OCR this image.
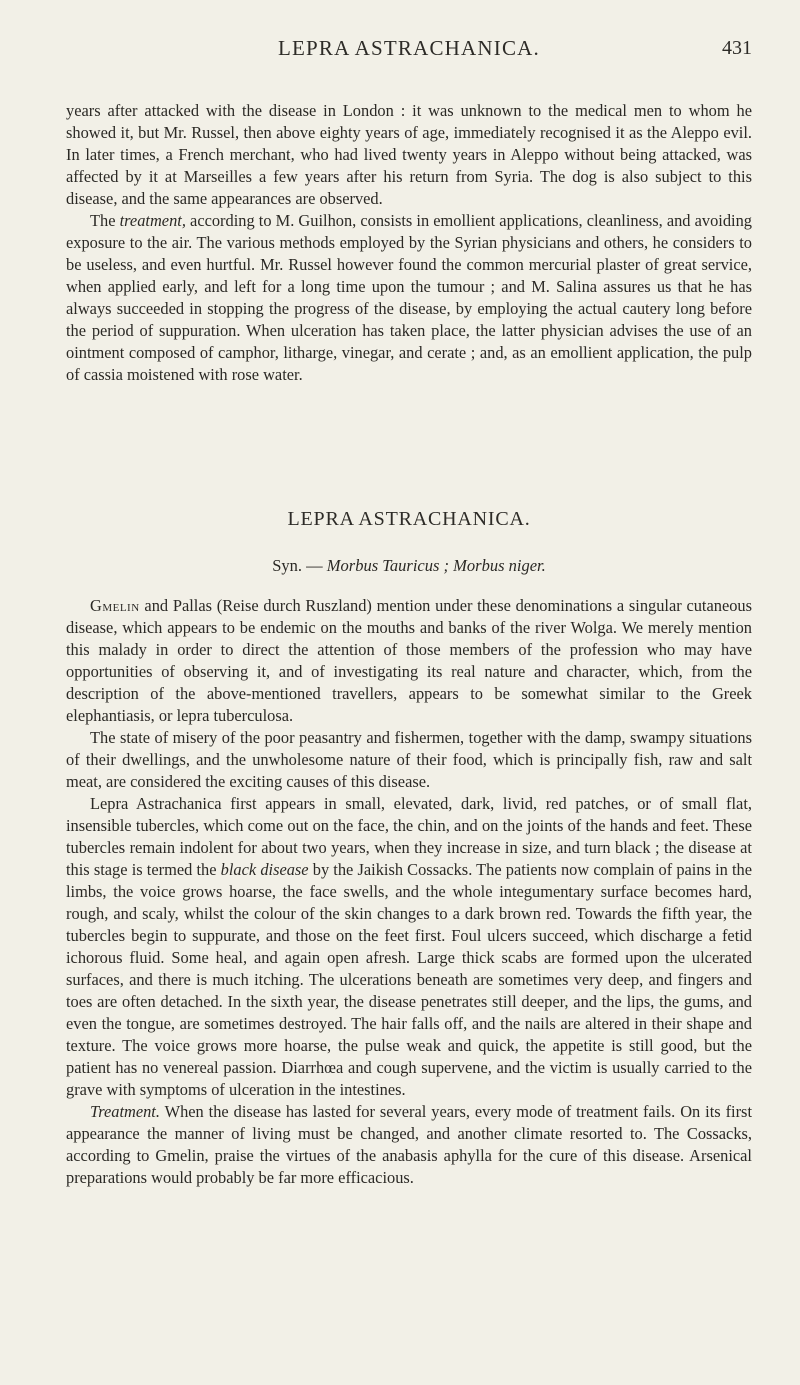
LEPRA ASTRACHANICA.	431

years after attacked with the disease in London : it was unknown to the medical men to whom he showed it, but Mr. Russel, then above eighty years of age, immediately recognised it as the Aleppo evil. In later times, a French merchant, who had lived twenty years in Aleppo without being attacked, was affected by it at Marseilles a few years after his return from Syria. The dog is also subject to this disease, and the same appearances are observed.

The treatment, according to M. Guilhon, consists in emollient applications, cleanliness, and avoiding exposure to the air. The various methods employed by the Syrian physicians and others, he considers to be useless, and even hurtful. Mr. Russel however found the common mercurial plaster of great service, when applied early, and left for a long time upon the tumour ; and M. Salina assures us that he has always succeeded in stopping the progress of the disease, by employing the actual cautery long before the period of suppuration. When ulceration has taken place, the latter physician advises the use of an ointment composed of camphor, litharge, vinegar, and cerate ; and, as an emollient application, the pulp of cassia moistened with rose water.

LEPRA ASTRACHANICA.
Syn. — Morbus Tauricus ; Morbus niger.

Gmelin and Pallas (Reise durch Ruszland) mention under these denominations a singular cutaneous disease, which appears to be endemic on the mouths and banks of the river Wolga. We merely mention this malady in order to direct the attention of those members of the profession who may have opportunities of observing it, and of investigating its real nature and character, which, from the description of the above-mentioned travellers, appears to be somewhat similar to the Greek elephantiasis, or lepra tuberculosa.

The state of misery of the poor peasantry and fishermen, together with the damp, swampy situations of their dwellings, and the unwholesome nature of their food, which is principally fish, raw and salt meat, are considered the exciting causes of this disease.

Lepra Astrachanica first appears in small, elevated, dark, livid, red patches, or of small flat, insensible tubercles, which come out on the face, the chin, and on the joints of the hands and feet. These tubercles remain indolent for about two years, when they increase in size, and turn black ; the disease at this stage is termed the black disease by the Jaikish Cossacks. The patients now complain of pains in the limbs, the voice grows hoarse, the face swells, and the whole integumentary surface becomes hard, rough, and scaly, whilst the colour of the skin changes to a dark brown red. Towards the fifth year, the tubercles begin to suppurate, and those on the feet first. Foul ulcers succeed, which discharge a fetid ichorous fluid. Some heal, and again open afresh. Large thick scabs are formed upon the ulcerated surfaces, and there is much itching. The ulcerations beneath are sometimes very deep, and fingers and toes are often detached. In the sixth year, the disease penetrates still deeper, and the lips, the gums, and even the tongue, are sometimes destroyed. The hair falls off, and the nails are altered in their shape and texture. The voice grows more hoarse, the pulse weak and quick, the appetite is still good, but the patient has no venereal passion. Diarrhœa and cough supervene, and the victim is usually carried to the grave with symptoms of ulceration in the intestines.

Treatment. When the disease has lasted for several years, every mode of treatment fails. On its first appearance the manner of living must be changed, and another climate resorted to. The Cossacks, according to Gmelin, praise the virtues of the anabasis aphylla for the cure of this disease. Arsenical preparations would probably be far more efficacious.
